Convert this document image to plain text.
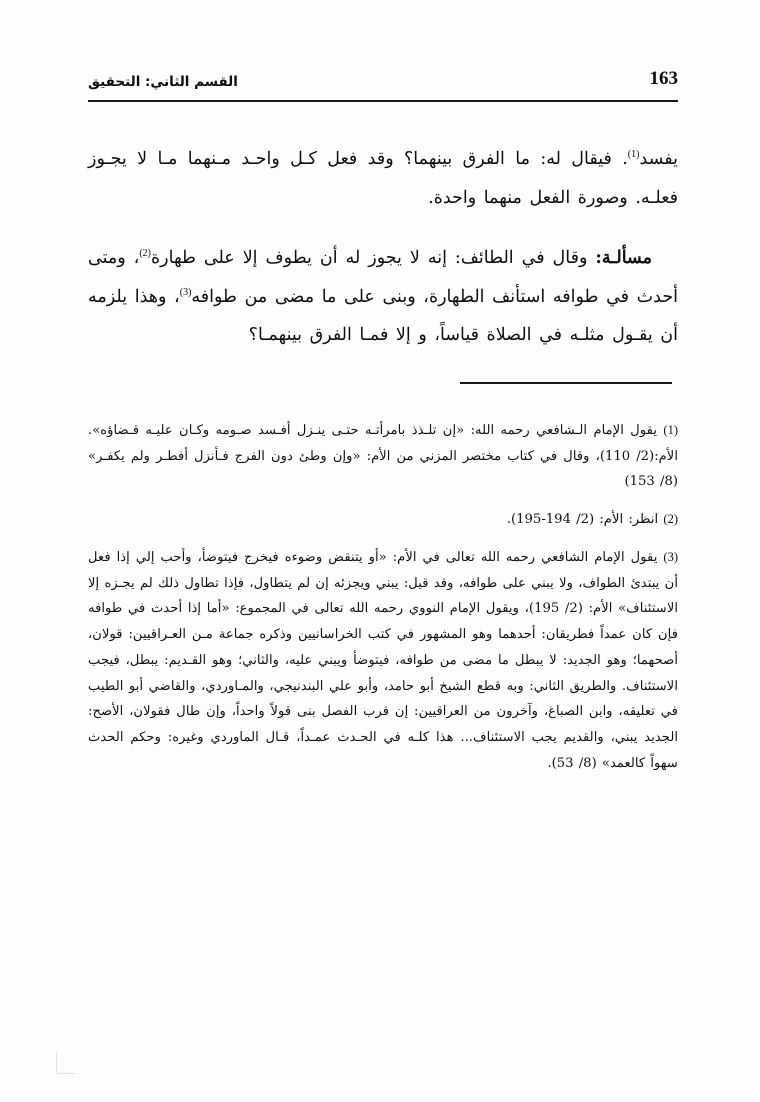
القسم الثاني: التحقيق	163

يفسد$^{(1)}$. فيقال له: ما الفرق بينهما؟ وقد فعل كـل واحـد مـنهما مـا لا يجـوز فعلـه. وصورة الفعل منهما واحدة.

مسألـة: وقال في الطائف: إنه لا يجوز له أن يطوف إلا على طهارة$^{(2)}$، ومتى أحدث في طوافه استأنف الطهارة، وبنى على ما مضى من طوافه$^{(3)}$، وهذا يلزمه أن يقـول مثلـه في الصلاة قياساً، و إلا فمـا الفرق بينهمـا؟

(1) يقول الإمام الـشافعي رحمه الله: «إن تلـذذ بامرأتـه حتـى ينـزل أفـسد صـومه وكـان عليـه قـضاؤه». الأم:(2/ 110)، وقال في كتاب مختصر المزني من الأم: «وإن وطئ دون الفرج فـأنزل أفطـر ولم يكفـر» (8/ 153)

(2) انظر: الأم: (2/ 194-195).

(3) يقول الإمام الشافعي رحمه الله تعالى في الأم: «أو يتنقض وضوءه فيخرج فيتوضأ، وأحب إلي إذا فعل أن يبتدئ الطواف، ولا يبني على طوافه، وقد قيل: يبني ويجزئه إن لم يتطاول، فإذا تطاول ذلك لم يجـزه إلا الاستئناف» الأم: (2/ 195)، ويقول الإمام النووي رحمه الله تعالى في المجموع: «أما إذا أحدث في طوافه فإن كان عمداً فطريقان: أحدهما وهو المشهور في كتب الخراسانيين وذكره جماعة مـن العـراقيين: قولان، أصحهما؛ وهو الجديد: لا يبطل ما مضى من طوافه، فيتوضأ ويبني عليه، والثاني؛ وهو القـديم: يبطل، فيجب الاستئناف. والطريق الثاني: وبه قطع الشيخ أبو حامد، وأبو علي البندنيجي، والمـاوردي، والقاضي أبو الطيب في تعليقه، وابن الصباغ، وآخرون من العراقيين: إن قرب الفصل بنى قولاً واحداً، وإن طال فقولان، الأصح: الجديد يبني، والقديم يجب الاستئناف... هذا كلـه في الحـدث عمـداً، قـال الماوردي وغيره: وحكم الحدث سهواً كالعمد» (8/ 53).
